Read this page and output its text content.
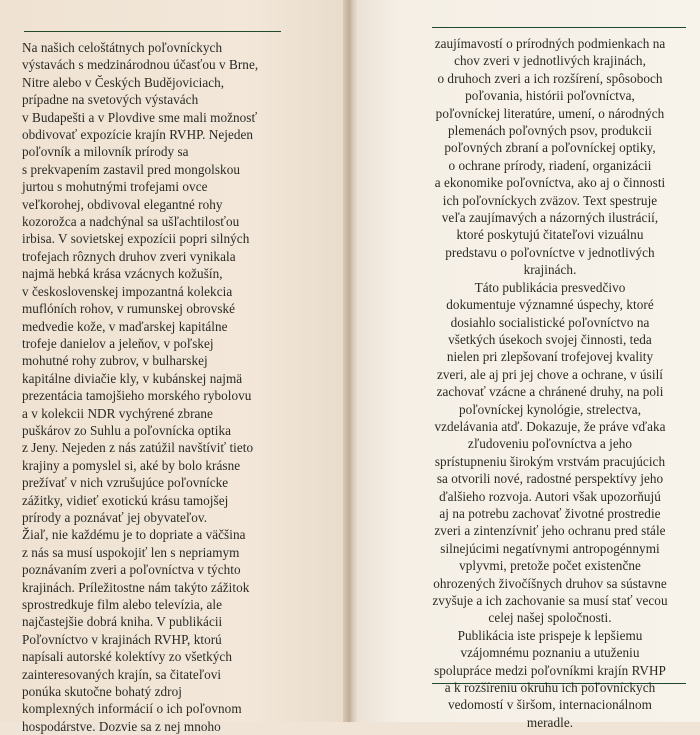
Na našich celoštátnych poľovníckych
výstavách s medzinárodnou účasťou v Brne,
Nitre alebo v Českých Budějoviciach,
prípadne na svetových výstavách
v Budapešti a v Plovdive sme mali možnosť
obdivovať expozície krajín RVHP. Nejeden
poľovník a milovník prírody sa
s prekvapením zastavil pred mongolskou
jurtou s mohutnými trofejami ovce
veľkorohej, obdivoval elegantné rohy
kozorožca a nadchýnal sa ušľachtilosťou
irbisa. V sovietskej expozícii popri silných
trofejach rôznych druhov zveri vynikala
najmä hebká krása vzácnych kožušín,
v československej impozantná kolekcia
muflóních rohov, v rumunskej obrovské
medvedie kože, v maďarskej kapitálne
trofeje danielov a jeleňov, v poľskej
mohutné rohy zubrov, v bulharskej
kapitálne diviačie kly, v kubánskej najmä
prezentácia tamojšieho morského rybolovu
a v kolekcii NDR vychýrené zbrane
puškárov zo Suhlu a poľovnícka optika
z Jeny. Nejeden z nás zatúžil navštíviť tieto
krajiny a pomyslel si, aké by bolo krásne
prežívať v nich vzrušujúce poľovnícke
zážitky, vidieť exotickú krásu tamojšej
prírody a poznávať jej obyvateľov.
Žiaľ, nie každému je to dopriate a väčšina
z nás sa musí uspokojiť len s nepriamym
poznávaním zveri a poľovníctva v týchto
krajinách. Príležitostne nám takýto zážitok
sprostredkuje film alebo televízia, ale
najčastejšie dobrá kniha. V publikácii
Poľovníctvo v krajinách RVHP, ktorú
napísali autorské kolektívy zo všetkých
zainteresovaných krajín, sa čitateľovi
ponúka skutočne bohatý zdroj
komplexných informácií o ich poľovnom
hospodárstve. Dozvie sa z nej mnoho
zaujímavostí o prírodných podmienkach na
chov zveri v jednotlivých krajinách,
o druhoch zveri a ich rozšírení, spôsoboch
poľovania, histórii poľovníctva,
poľovníckej literatúre, umení, o národných
plemenách poľovných psov, produkcii
poľovných zbraní a poľovníckej optiky,
o ochrane prírody, riadení, organizácii
a ekonomike poľovníctva, ako aj o činnosti
ich poľovníckych zväzov. Text spestruje
veľa zaujímavých a názorných ilustrácií,
ktoré poskytujú čitateľovi vizuálnu
predstavu o poľovníctve v jednotlivých
krajinách.
Táto publikácia presvedčivo
dokumentuje významné úspechy, ktoré
dosiahlo socialistické poľovníctvo na
všetkých úsekoch svojej činnosti, teda
nielen pri zlepšovaní trofejovej kvality
zveri, ale aj pri jej chove a ochrane, v úsilí
zachovať vzácne a chránené druhy, na poli
poľovníckej kynológie, strelectva,
vzdelávania atď. Dokazuje, že práve vďaka
zľudoveniu poľovníctva a jeho
sprístupneniu širokým vrstvám pracujúcich
sa otvorili nové, radostné perspektívy jeho
ďalšieho rozvoja. Autori však upozorňujú
aj na potrebu zachovať životné prostredie
zveri a zintenzívniť jeho ochranu pred stále
silnejúcimi negatívnymi antropogénnymi
vplyvmi, pretože počet existenčne
ohrozených živočíšnych druhov sa sústavne
zvyšuje a ich zachovanie sa musí stať vecou
celej našej spoločnosti.
Publikácia iste prispeje k lepšiemu
vzájomnému poznaniu a utuženiu
spolupráce medzi poľovníkmi krajín RVHP
a k rozšíreniu okruhu ich poľovníckych
vedomostí v širšom, internacionálnom
meradle.
